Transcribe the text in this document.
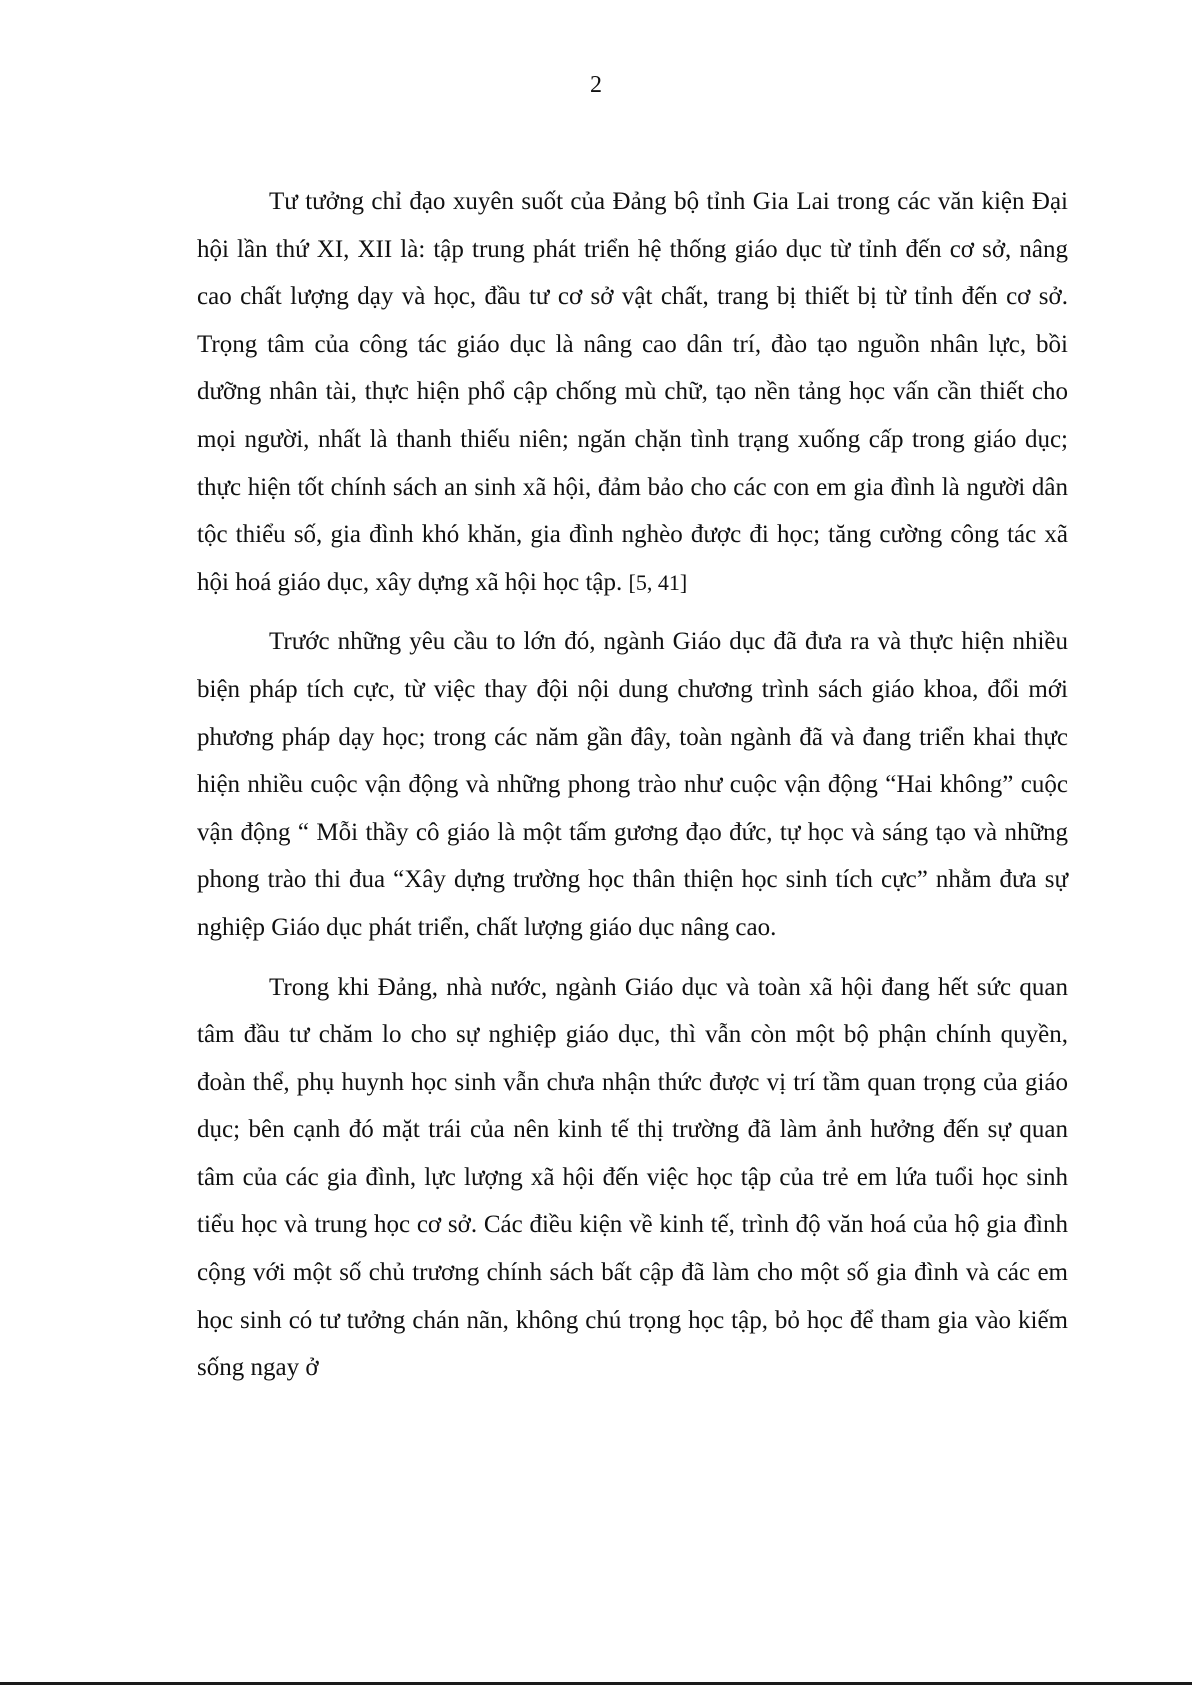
2

Tư tưởng chỉ đạo xuyên suốt của Đảng bộ tỉnh Gia Lai trong các văn kiện Đại hội lần thứ XI, XII là: tập trung phát triển hệ thống giáo dục từ tỉnh đến cơ sở, nâng cao chất lượng dạy và học, đầu tư cơ sở vật chất, trang bị thiết bị từ tỉnh đến cơ sở. Trọng tâm của công tác giáo dục là nâng cao dân trí, đào tạo nguồn nhân lực, bồi dưỡng nhân tài, thực hiện phổ cập chống mù chữ, tạo nền tảng học vấn cần thiết cho mọi người, nhất là thanh thiếu niên; ngăn chặn tình trạng xuống cấp trong giáo dục; thực hiện tốt chính sách an sinh xã hội, đảm bảo cho các con em gia đình là người dân tộc thiểu số, gia đình khó khăn, gia đình nghèo được đi học; tăng cường công tác xã hội hoá giáo dục, xây dựng xã hội học tập. [5, 41]

Trước những yêu cầu to lớn đó, ngành Giáo dục đã đưa ra và thực hiện nhiều biện pháp tích cực, từ việc thay đội nội dung chương trình sách giáo khoa, đổi mới phương pháp dạy học; trong các năm gần đây, toàn ngành đã và đang triển khai thực hiện nhiều cuộc vận động và những phong trào như cuộc vận động “Hai không” cuộc vận động “ Mỗi thầy cô giáo là một tấm gương đạo đức, tự học và sáng tạo và những phong trào thi đua “Xây dựng trường học thân thiện học sinh tích cực” nhằm đưa sự nghiệp Giáo dục phát triển, chất lượng giáo dục nâng cao.

Trong khi Đảng, nhà nước, ngành Giáo dục và toàn xã hội đang hết sức quan tâm đầu tư chăm lo cho sự nghiệp giáo dục, thì vẫn còn một bộ phận chính quyền, đoàn thể, phụ huynh học sinh vẫn chưa nhận thức được vị trí tầm quan trọng của giáo dục; bên cạnh đó mặt trái của nên kinh tế thị trường đã làm ảnh hưởng đến sự quan tâm của các gia đình, lực lượng xã hội đến việc học tập của trẻ em lứa tuổi học sinh tiểu học và trung học cơ sở. Các điều kiện về kinh tế, trình độ văn hoá của hộ gia đình cộng với một số chủ trương chính sách bất cập đã làm cho một số gia đình và các em học sinh có tư tưởng chán nãn, không chú trọng học tập, bỏ học để tham gia vào kiếm sống ngay ở
